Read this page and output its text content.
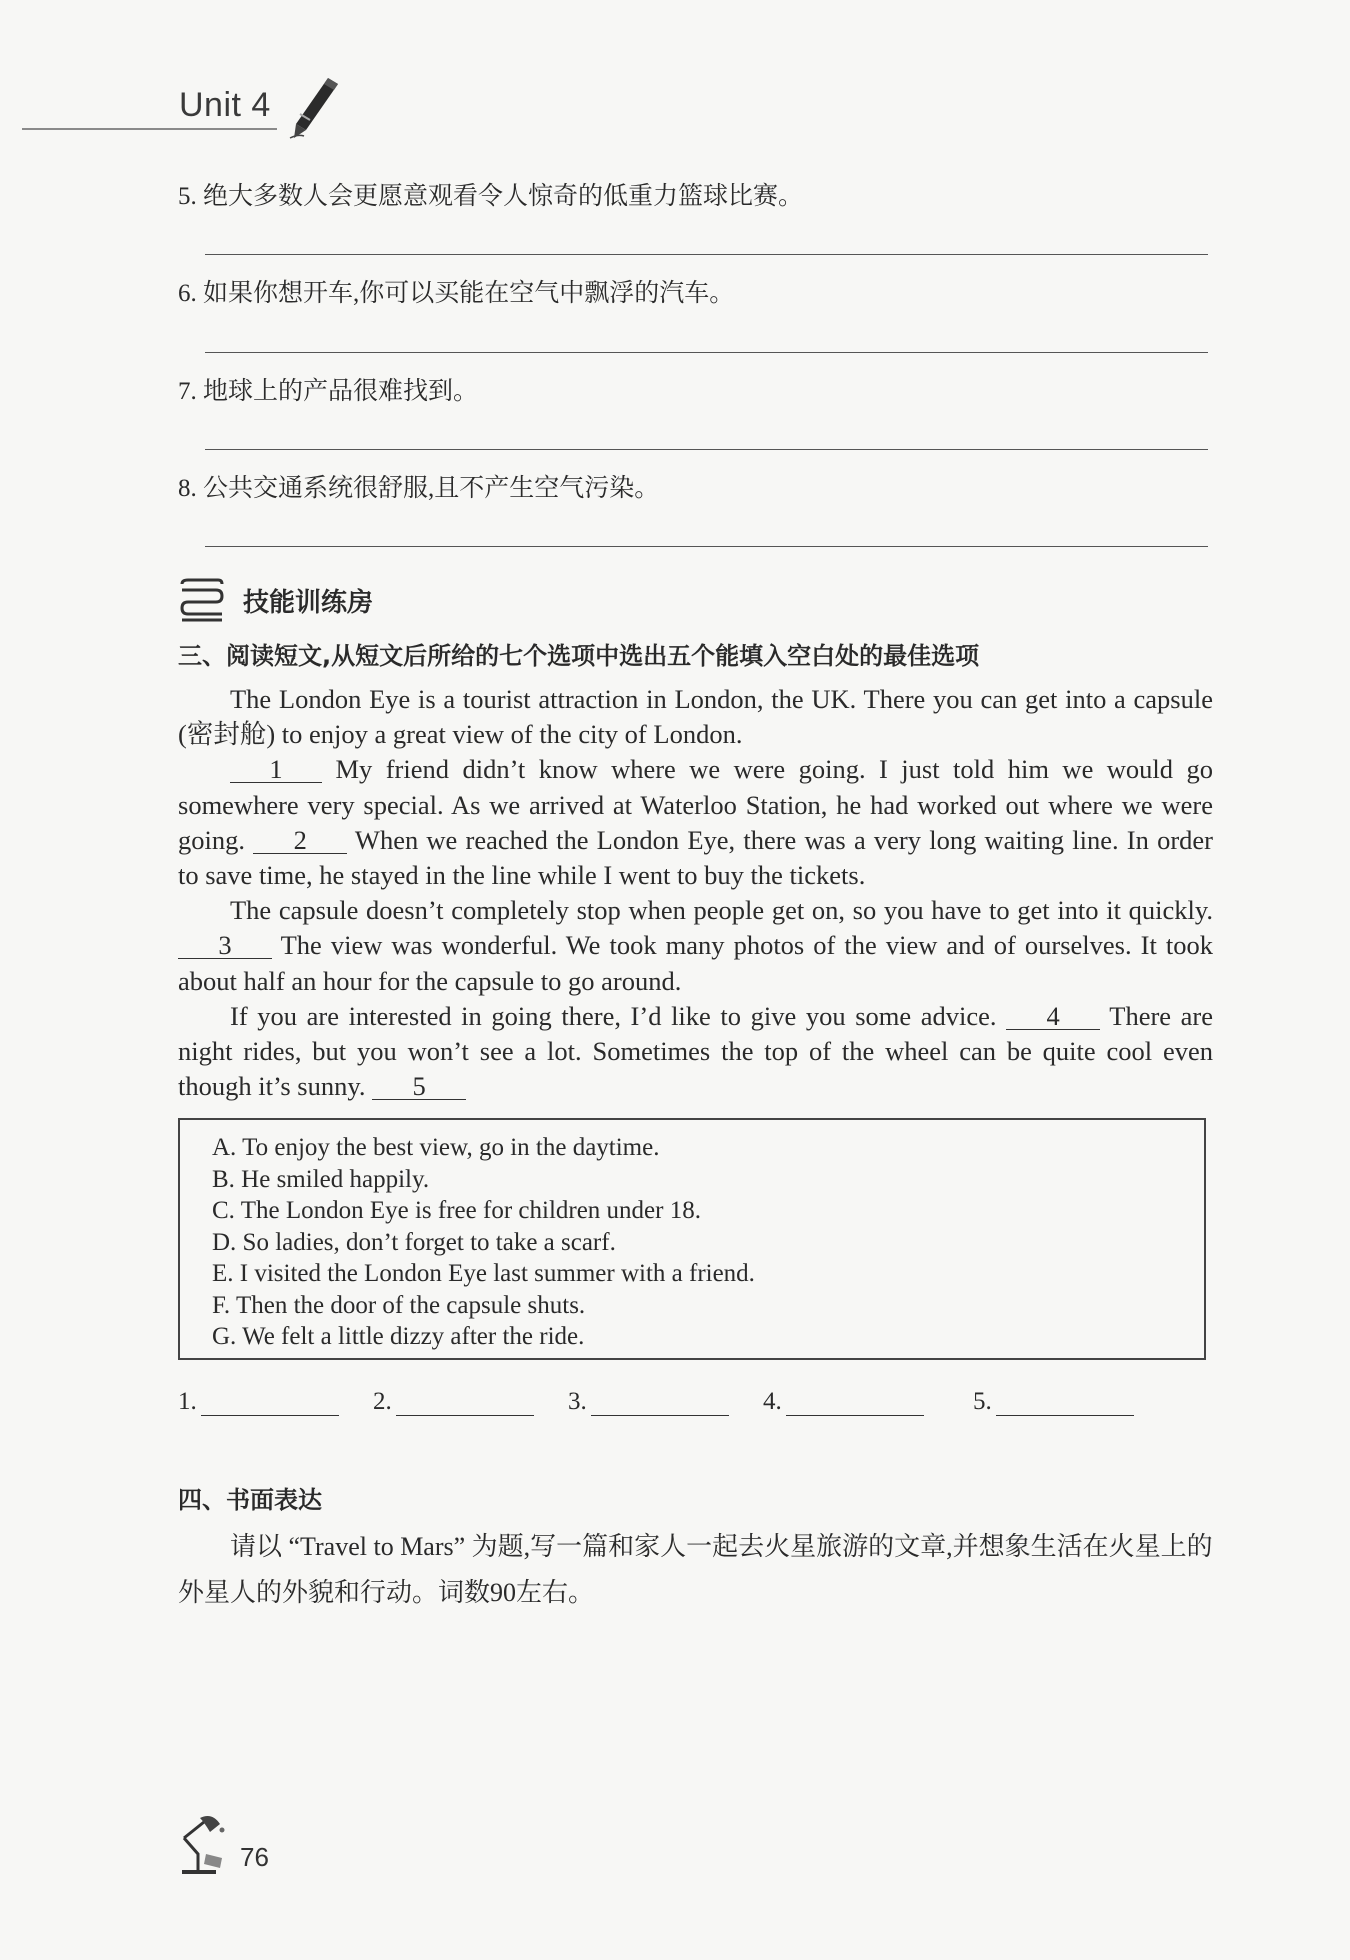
Unit 4
5. 绝大多数人会更愿意观看令人惊奇的低重力篮球比赛。
6. 如果你想开车,你可以买能在空气中飘浮的汽车。
7. 地球上的产品很难找到。
8. 公共交通系统很舒服,且不产生空气污染。
技能训练房
三、阅读短文,从短文后所给的七个选项中选出五个能填入空白处的最佳选项

The London Eye is a tourist attraction in London, the UK. There you can get into a capsule (密封舱) to enjoy a great view of the city of London.

1 My friend didn’t know where we were going. I just told him we would go somewhere very special. As we arrived at Waterloo Station, he had worked out where we were going. 2 When we reached the London Eye, there was a very long waiting line. In order to save time, he stayed in the line while I went to buy the tickets.

The capsule doesn’t completely stop when people get on, so you have to get into it quickly. 3 The view was wonderful. We took many photos of the view and of ourselves. It took about half an hour for the capsule to go around.

If you are interested in going there, I’d like to give you some advice. 4 There are night rides, but you won’t see a lot. Sometimes the top of the wheel can be quite cool even though it’s sunny. 5

A. To enjoy the best view, go in the daytime.
B. He smiled happily.
C. The London Eye is free for children under 18.
D. So ladies, don’t forget to take a scarf.
E. I visited the London Eye last summer with a friend.
F. Then the door of the capsule shuts.
G. We felt a little dizzy after the ride.
1.	2.	3.	4.	5.
四、书面表达

请以 “Travel to Mars” 为题,写一篇和家人一起去火星旅游的文章,并想象生活在火星上的外星人的外貌和行动。词数90左右。

76
